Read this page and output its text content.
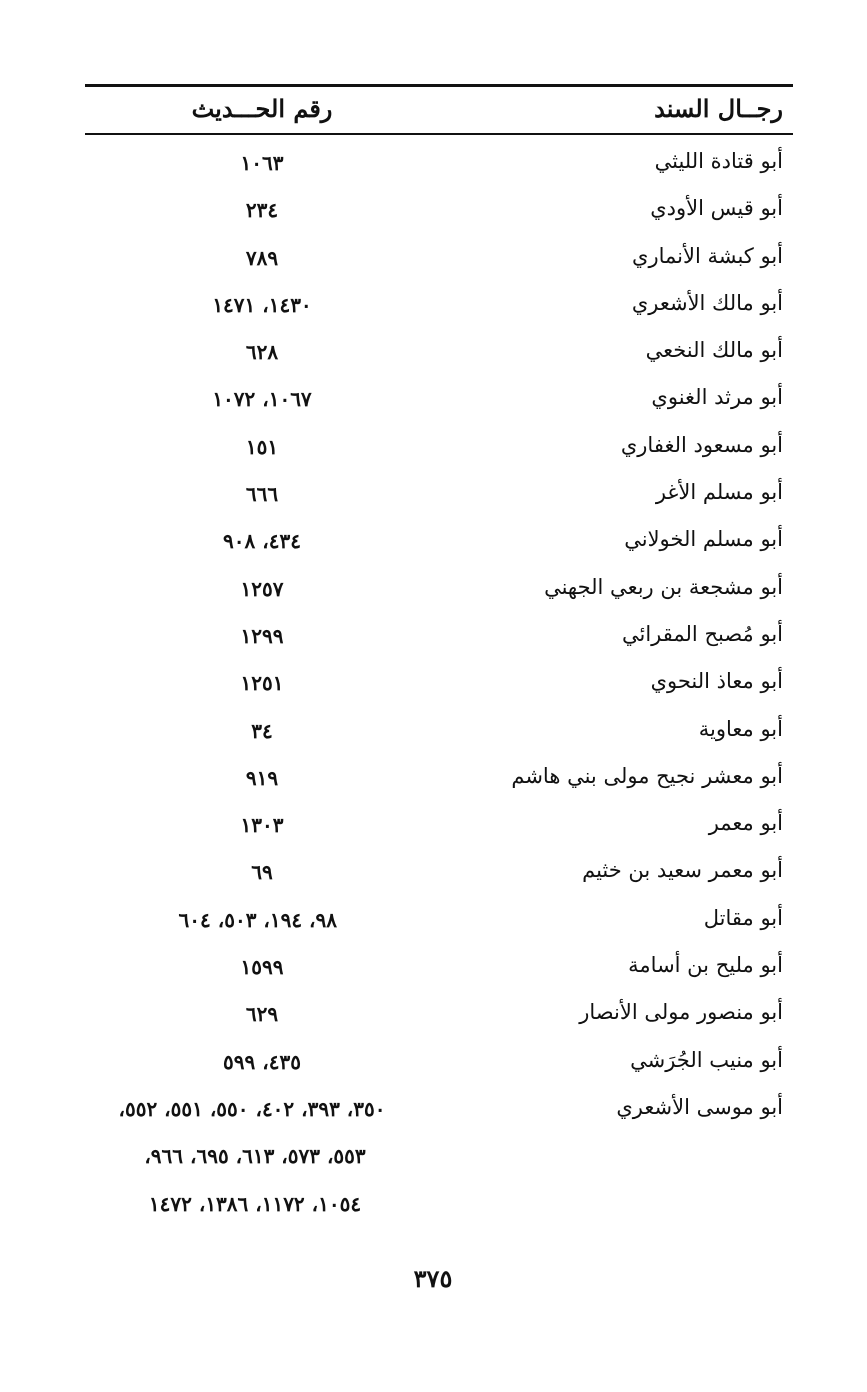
رجــال السند
رقم الحـــديث
أبو قتادة الليثي
١٠٦٣
أبو قيس الأودي
٢٣٤
أبو كبشة الأنماري
٧٨٩
أبو مالك الأشعري
١٤٣٠، ١٤٧١
أبو مالك النخعي
٦٢٨
أبو مرثد الغنوي
١٠٦٧، ١٠٧٢
أبو مسعود الغفاري
١٥١
أبو مسلم الأغر
٦٦٦
أبو مسلم الخولاني
٤٣٤، ٩٠٨
أبو مشجعة بن ربعي الجهني
١٢٥٧
أبو مُصبح المقرائي
١٢٩٩
أبو معاذ النحوي
١٢٥١
أبو معاوية
٣٤
أبو معشر نجيح مولى بني هاشم
٩١٩
أبو معمر
١٣٠٣
أبو معمر سعيد بن خثيم
٦٩
أبو مقاتل
٩٨، ١٩٤، ٥٠٣، ٦٠٤
أبو مليح بن أسامة
١٥٩٩
أبو منصور مولى الأنصار
٦٢٩
أبو منيب الجُرَشي
٤٣٥، ٥٩٩
أبو موسى الأشعري
٣٥٠، ٣٩٣، ٤٠٢، ٥٥٠، ٥٥١، ٥٥٢،
٥٥٣، ٥٧٣، ٦١٣، ٦٩٥، ٩٦٦،
١٠٥٤، ١١٧٢، ١٣٨٦، ١٤٧٢
٣٧٥
